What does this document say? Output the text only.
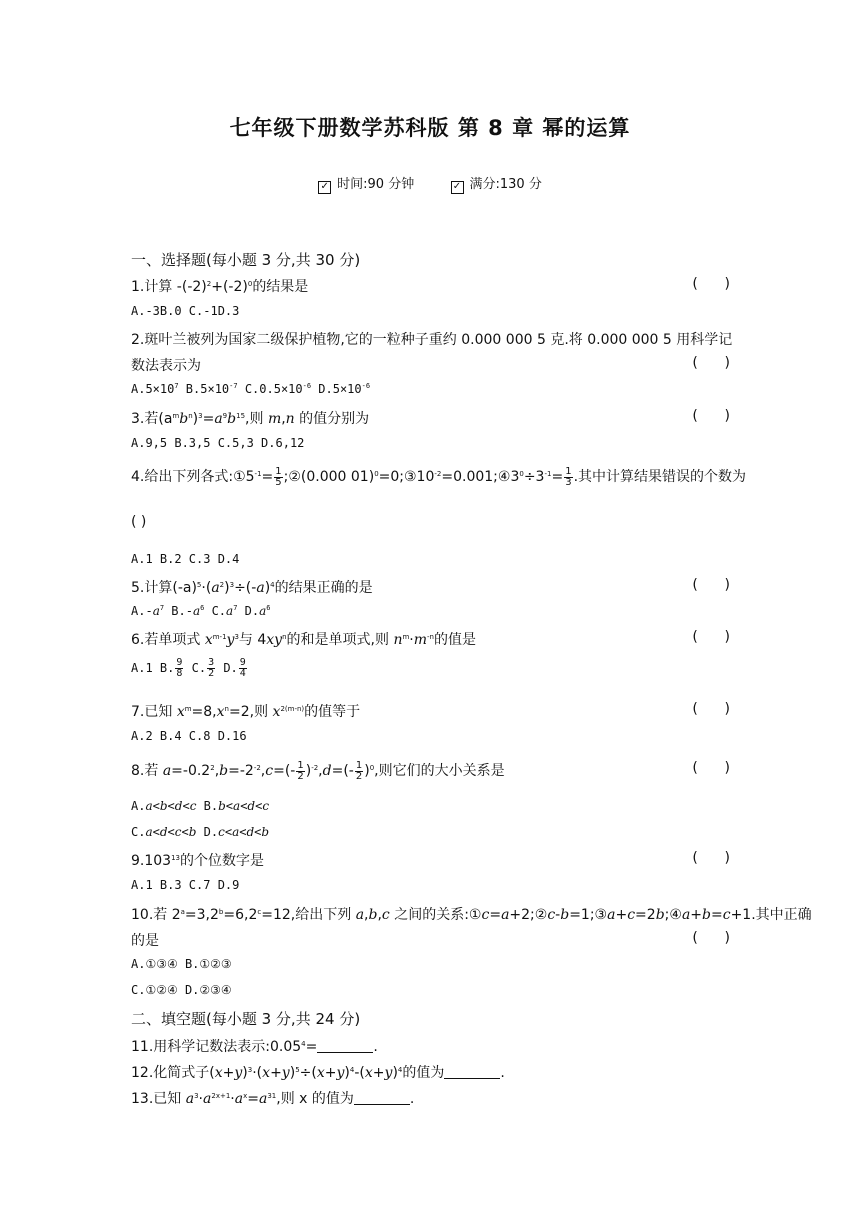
七年级下册数学苏科版 第 8 章 幂的运算
✓ 时间:90 分钟	✓ 满分:130 分
一、选择题(每小题 3 分,共 30 分)
1.计算 $-(-2)^2+(-2)^0$的结果是	(      )
A.-3B.0 C.-1D.3
2.斑叶兰被列为国家二级保护植物,它的一粒种子重约 0.000 000 5 克.将 0.000 000 5 用科学记
数法表示为	(      )
$A.5\times 10^7$ $B.5\times 10^{-7}$ $C.0.5\times 10^{-6}$ $D.5\times 10^{-6}$
3.若$(a^mb^n)^3=a^9b^{15}$,则 m,n 的值分别为	(      )
A.9,5 B.3,5 C.5,3 D.6,12
4.给出下列各式$:①5^{-1}= \frac{1}{5}$ ;②(0.000 $01)^0=0;③10^{-2}=0.001;④3^0\div 3^{-1}= \frac{1}{3}$ .其中计算结果错误的个数为
( )
A.1 B.2 C.3 D.4
5.计算$(-a)^5\cdot(a^2)^3\div(-a)^4$的结果正确的是	(      )
$A.-a^7$ $B.-a^6$ $C.a^7$ $D.a^6$
6.若单项式 $x^{m-1}y^3$与 $4xy^n$的和是单项式,则 $n^m\cdot m^{-n}$的值是	(      )
A.1 B. $\frac{9}{8} C$. $\frac{3}{2} D$. $\frac{9}{4}$
7.已知 $x^m=8,x^n=2$,则 $x^{2(m-n)}$的值等于	(      )
A.2 B.4 C.8 D.16
8.若 $a=-0.2^2,b=-2^{-2},c=(- \frac{1}{2} )^{-2},d=(- \frac{1}{2} )^0$,则它们的大小关系是	(      )
A.a<b<d<c B.b<a<d<c
C.a<d<c<b D.c<a<d<b
9.103$^{13}$的个位数字是	(      )
A.1 B.3 C.7 D.9
10.若 $2^a=3,2^b=6,2^c=12$,给出下列 a,b,c 之间的关系:①c=a+2;②c-b=1;③a+c=2b;④a+b=c+1.其中正确
的是	(      )
A.①③④ B.①②③
C.①②④ D.②③④
二、填空题(每小题 3 分,共 24 分)
11.用科学记数法表示$:0.05^4=$	.
12.化简式子$(x+y)^3\cdot(x+y)^5\div(x+y)^4-(x+y)^4$的值为	.
13.已知 $a^3\cdot a^{2x+1}\cdot a^x=a^{31}$,则 x 的值为	.
